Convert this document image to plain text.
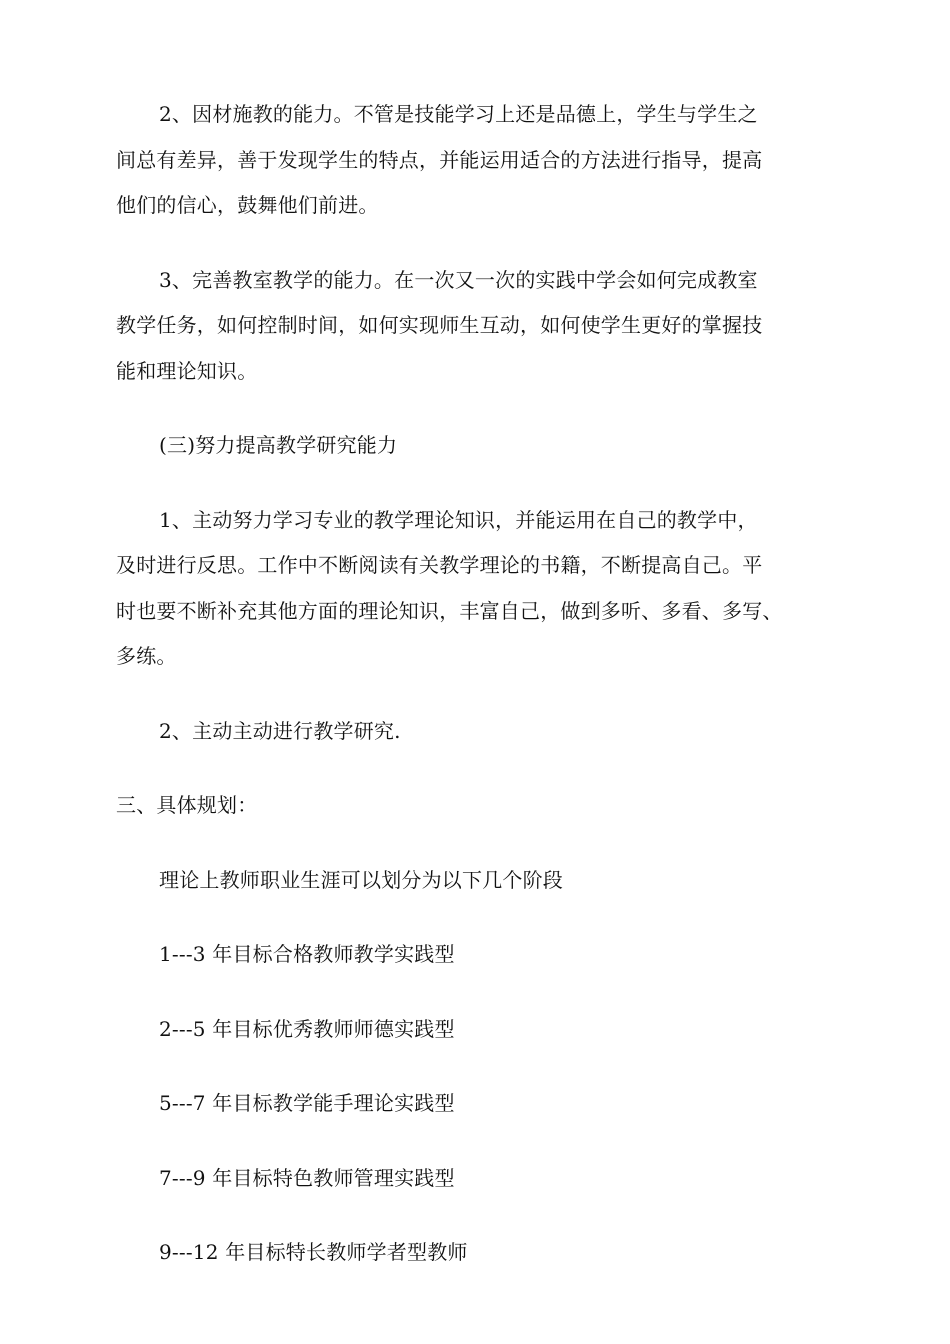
2、因材施教的能力。不管是技能学习上还是品德上，学生与学生之
间总有差异，善于发现学生的特点，并能运用适合的方法进行指导，提高
他们的信心，鼓舞他们前进。

3、完善教室教学的能力。在一次又一次的实践中学会如何完成教室
教学任务，如何控制时间，如何实现师生互动，如何使学生更好的掌握技
能和理论知识。

(三)努力提高教学研究能力

1、主动努力学习专业的教学理论知识，并能运用在自己的教学中，
及时进行反思。工作中不断阅读有关教学理论的书籍，不断提高自己。平
时也要不断补充其他方面的理论知识，丰富自己，做到多听、多看、多写、
多练。

2、主动主动进行教学研究.

三、具体规划：

理论上教师职业生涯可以划分为以下几个阶段

1---3 年目标合格教师教学实践型

2---5 年目标优秀教师师德实践型

5---7 年目标教学能手理论实践型

7---9 年目标特色教师管理实践型

9---12 年目标特长教师学者型教师
